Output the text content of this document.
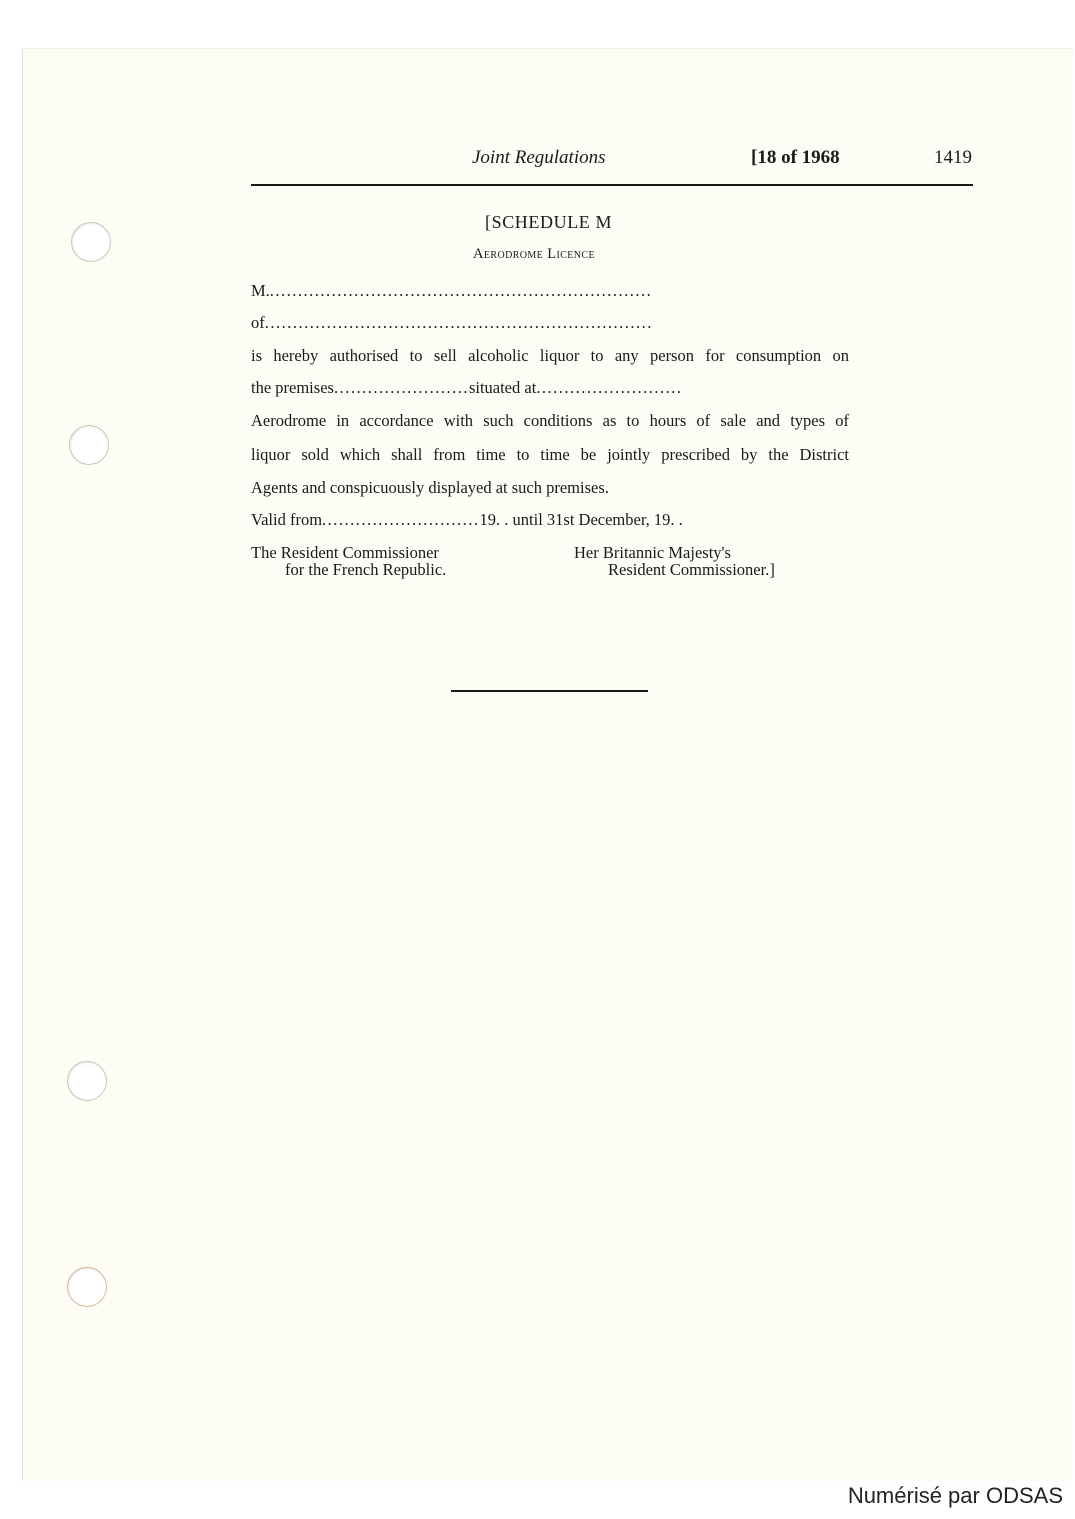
Joint Regulations	[18 of 1968	1419
[SCHEDULE M
Aerodrome Licence
M.....................................................................
of.....................................................................
is hereby authorised to sell alcoholic liquor to any person for consumption on
the premises........................situated at..........................
Aerodrome in accordance with such conditions as to hours of sale and types of
liquor sold which shall from time to time be jointly prescribed by the District
Agents and conspicuously displayed at such premises.
Valid from............................19. . until 31st December, 19. .
The Resident Commissioner
for the French Republic.
Her Britannic Majesty's
Resident Commissioner.]
Numérisé par ODSAS
